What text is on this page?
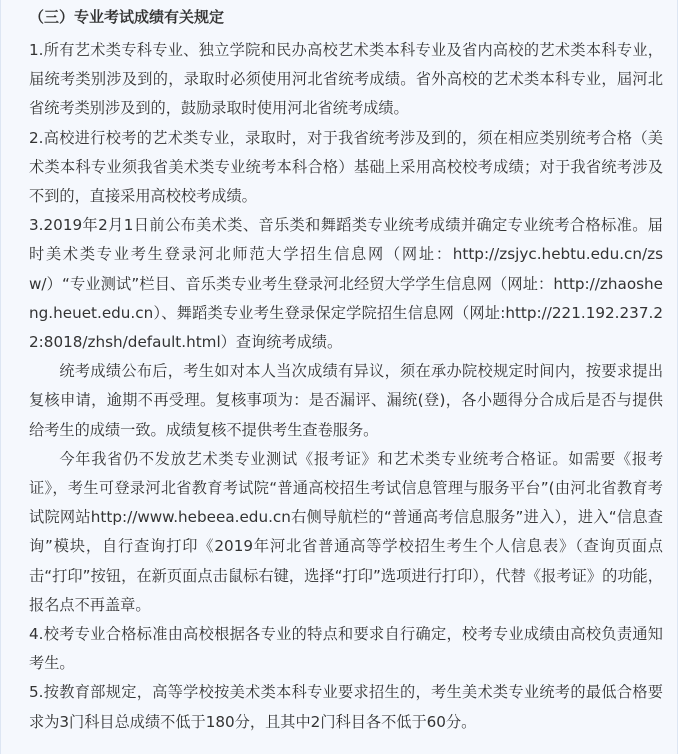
（三）专业考试成绩有关规定

1.所有艺术类专科专业、独立学院和民办高校艺术类本科专业及省内高校的艺术类本科专业，届统考类别涉及到的，录取时必须使用河北省统考成绩。省外高校的艺术类本科专业，屆河北省统考类别涉及到的，鼓励录取时使用河北省统考成绩。

2.高校进行校考的艺术类专业，录取时，对于我省统考涉及到的，须在相应类别统考合格（美术类本科专业须我省美术类专业统考本科合格）基础上采用高校校考成绩；对于我省统考涉及不到的，直接采用高校校考成绩。

3.2019年2月1日前公布美术类、音乐类和舞蹈类专业统考成绩并确定专业统考合格标准。届时美术类专业考生登录河北师范大学招生信息网（网址：http://zsjyc.hebtu.edu.cn/zsw/）“专业测试”栏目、音乐类专业考生登录河北经贸大学学生信息网（网址：http://zhaosheng.heuet.edu.cn）、舞蹈类专业考生登录保定学院招生信息网（网址:http://221.192.237.22:8018/zhsh/default.html）查询统考成绩。

统考成绩公布后，考生如对本人当次成绩有异议，须在承办院校规定时间内，按要求提出复核申请，逾期不再受理。复核事项为：是否漏评、漏统(登)，各小题得分合成后是否与提供给考生的成绩一致。成绩复核不提供考生查卷服务。

今年我省仍不发放艺术类专业测试《报考证》和艺术类专业统考合格证。如需要《报考证》，考生可登录河北省教育考试院“普通高校招生考试信息管理与服务平台”(由河北省教育考试院网站http://www.hebeea.edu.cn右侧导航栏的“普通高考信息服务”进入），进入“信息查询”模块，自行查询打印《2019年河北省普通高等学校招生考生个人信息表》（查询页面点击“打印”按钮，在新页面点击鼠标右键，选择“打印”选项进行打印），代替《报考证》的功能，报名点不再盖章。

4.校考专业合格标准由高校根据各专业的特点和要求自行确定，校考专业成绩由高校负责通知考生。

5.按教育部规定，高等学校按美术类本科专业要求招生的，考生美术类专业统考的最低合格要求为3门科目总成绩不低于180分，且其中2门科目各不低于60分。
